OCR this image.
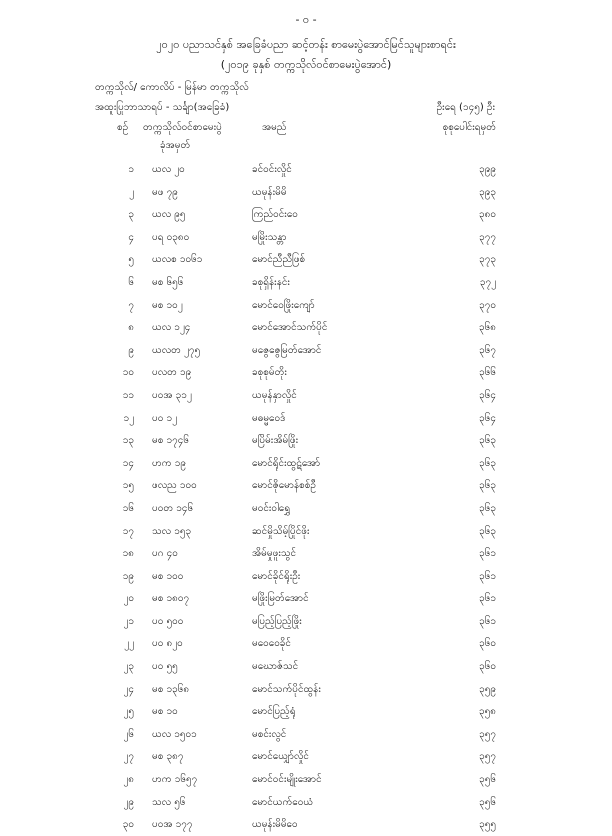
- ၀ -
၂၀၂၀ ပညာသင်နှစ် အခြေခံပညာ ဆင့်တန်း စာမေးပွဲအောင်မြင်သူများစာရင်း
(၂၀၁၉ ခုနှစ် တက္ကသိုလ်ဝင်စာမေးပွဲအောင်)
တက္ကသိုလ်/ ကောလိပ် - မြန်မာ တက္ကသိုလ်
အထူးပြုဘာသာရပ် - သင်္ချာ(အခြေခံ)	ဦးရေ (၁၄၅) ဦး
စဉ် တက္ကသိုလ်ဝင်စာမေးပွဲ
ခုံအမှတ်
အမည်	စုစုပေါင်းရမှတ်
၁ ယလ ၂၀	ခင်ဝင်းလှိုင်	၃၉၉
၂ မဖ ၇၉	ယမုန်းမိမိ	၃၉၃
၃ ယလ ၉၅	ကြည်ဝင်းဝေ	၃၈၀
၄ ပရ ၀၃၈၀	မမြိုးသန္တာ	၃၇၇
၅ ယလစ ၁၀၆၁	မောင်ညီညီဖြစ်	၃၇၃
၆ မစ ၆၅၆	ခစုရှိန်းနင်း	၃၇၂
၇ မစ ၁၀၂	မောင်ဝေဖြိုးကျော်	၃၇၀
၈ ယလ ၁၂၄	မောင်အောင်သက်ပိုင်	၃၆၈
၉ ယလတ ၂၇၅	မဇွေဇွေမြတ်အောင်	၃၆၇
၁၀ ပလတ ၁၉	ခစုစုမ်တိုး	၃၆၆
၁၁ ပဝအ ၃၁၂	ယမုန်နှာလှိုင်	၃၆၄
၁၂ ပဝ ၁၂	မဓမ္မဝေဒ်	၃၆၄
၁၃ မစ ၁၇၄၆	မပြိမ်းအိမ်ဖြိုး	၃၆၃
၁၄ ဟက ၁၉	မောင်ရိုင်းထွဋ်အော်	၃၆၃
၁၅ ဖလည ၁၀၀	မောင်ဇိုမောန်စစ်ဦ	၃၆၃
၁၆ ပဝတ ၁၄၆	မဝင်းဝါရွှေ	၃၆၃
၁၇ သလ ၁၅၃	ဆင်မှိုသိမ့်ပြိုင်ဖိုး	၃၆၃
၁၈ ပဂ ၄၀	အိမ်မှုဖူးသွင်	၃၆၁
၁၉ မစ ၁၀၀	မောင်ခိုင်ရိုးဦး	၃၆၁
၂၀ မစ ၁၈၀၇	မဖြိုးမြတ်အောင်	၃၆၁
၂၁ ပဝ ၅၀၀	မပြည့်ပြည့်ဖြိုး	၃၆၁
၂၂ ပဝ ၈၂၀	မဝေဝေခိုင်	၃၆၀
၂၃ ပဝ ၅၅	မဃောဇ်သင်	၃၆၀
၂၄ မစ ၁၃၆၈	မောင်သက်ပိုင်ထွန်း	၃၅၉
၂၅ မစ ၁၀	မောင်ပြည့်ရုံ	၃၅၈
၂၆ ယလ ၁၅၀၁	မစင်းလွင်	၃၅၇
၂၇ မစ ၃၈၇	မောင်ယျှော်လှိုင်	၃၅၇
၂၈ ဟက ၁၆၅၇	မောင်ဝင်းမျိုးအောင်	၃၅၆
၂၉ သလ ၅၆	မောင်ယက်ဝေယံ	၃၅၆
၃၀ ပဝအ ၁၇၇	ယမုန်းမိမိဝေ	၃၅၅
